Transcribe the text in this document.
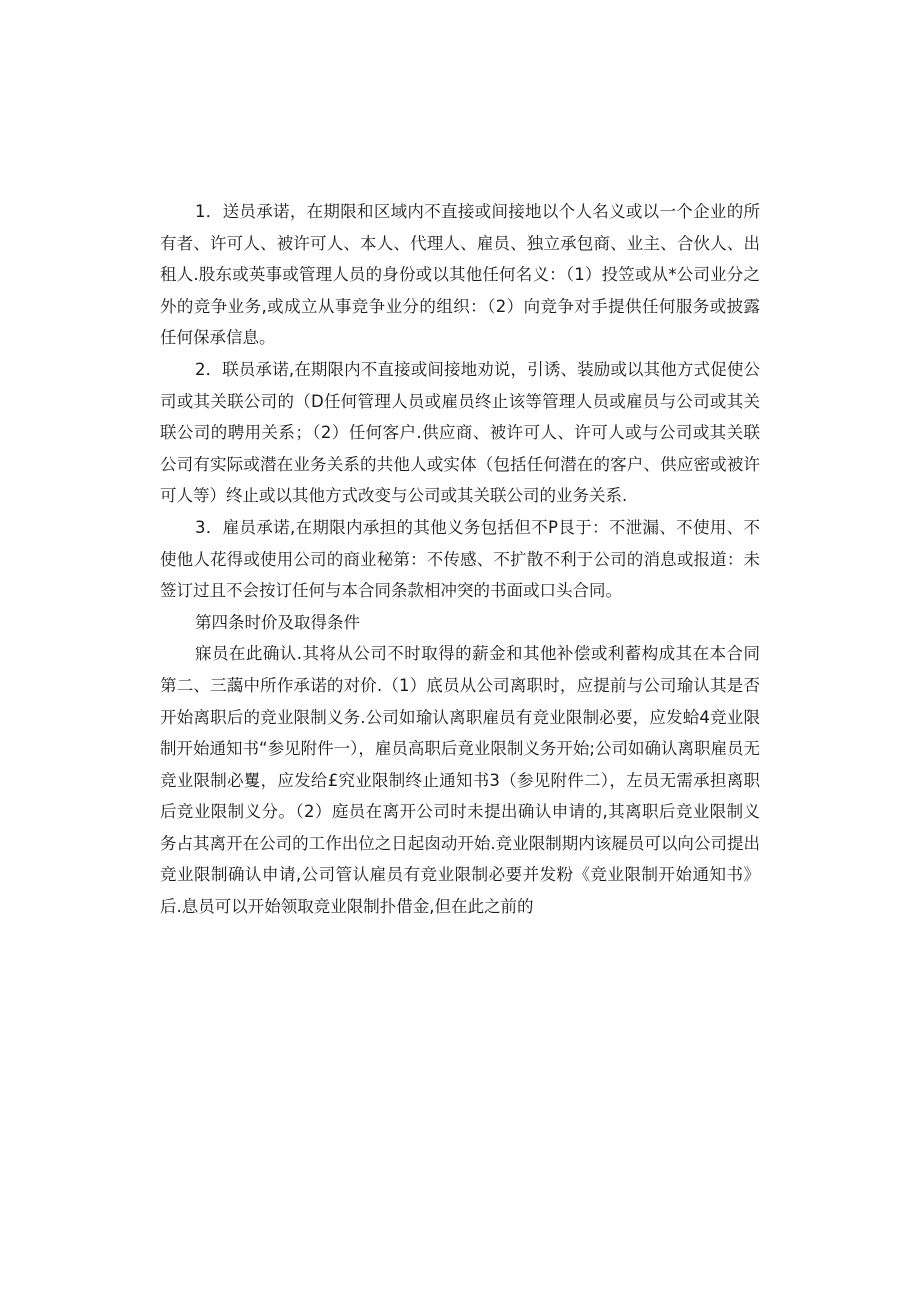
1．送员承诺，在期限和区域内不直接或间接地以个人名义或以一个企业的所有者、许可人、被许可人、本人、代理人、雇员、独立承包商、业主、合伙人、出租人.股东或英事或管理人员的身份或以其他任何名义：（1）投笠或从*公司业分之外的竞争业务,或成立从事竞争业分的组织：（2）向竞争对手提供任何服务或披露任何保承信息。

2．联员承诺,在期限内不直接或间接地劝说，引诱、装励或以其他方式促使公司或其关联公司的（D任何管理人员或雇员终止该等管理人员或雇员与公司或其关联公司的聘用关系；（2）任何客户.供应商、被许可人、许可人或与公司或其关联公司有实际或潜在业务关系的共他人或实体（包括任何潜在的客户、供应密或被许可人等）终止或以其他方式改变与公司或其关联公司的业务关系.

3．雇员承诺,在期限内承担的其他义务包括但不P艮于：不泄漏、不使用、不使他人花得或使用公司的商业秘第：不传感、不扩散不利于公司的消息或报道：未签订过且不会按订任何与本合同条款相冲突的书面或口头合同。

第四条时价及取得条件

寐员在此确认.其将从公司不时取得的薪金和其他补偿或利蓄构成其在本合同第二、三藹中所作承诺的对价.（1）底员从公司离职时，应提前与公司瑜认其是否开始离职后的竞业限制义务.公司如瑜认离职雇员有竞业限制必要，应发蛤4竞业限制开始通知书“参见附件一），雇员高职后竟业限制义务开始;公司如确认离职雇员无竞业限制必矍，应发给£究业限制终止通知书3（参见附件二），左员无需承担离职后竞业限制义分。（2）庭员在离开公司时未提出确认申请的,其离职后竞业限制义务占其离开在公司的工作出位之日起囱动开始.竞业限制期内该屣员可以向公司提出竞业限制确认申请,公司管认雇员有竞业限制必要并发粉《竞业限制开始通知书》后.息员可以开始领取竞业限制扑借金,但在此之前的
